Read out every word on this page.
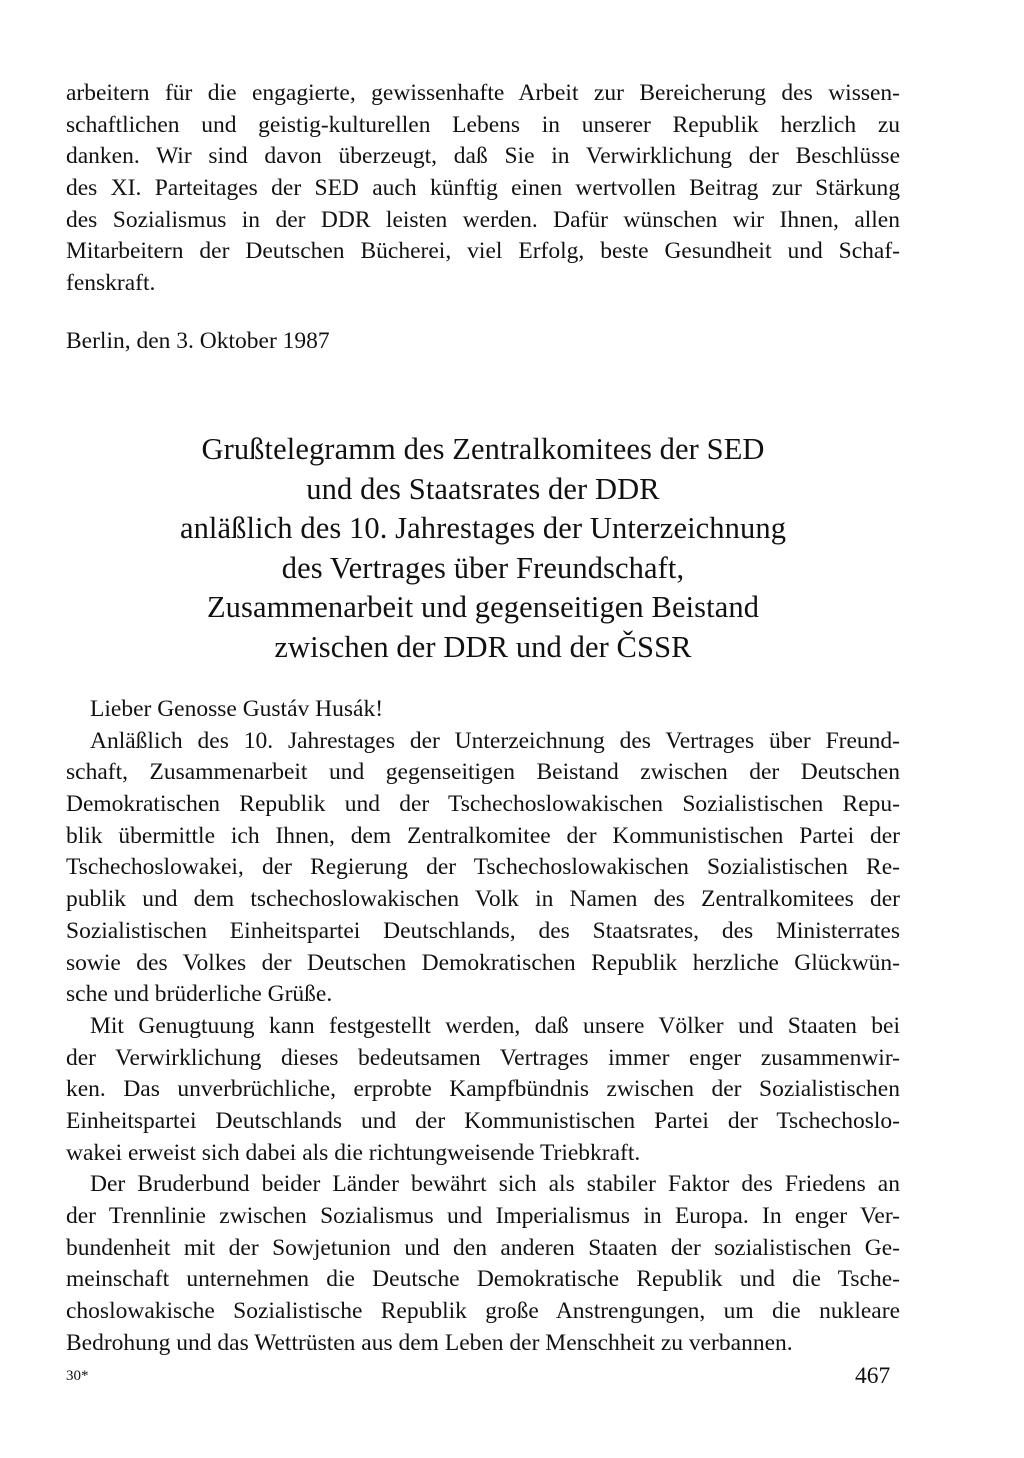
arbeitern für die engagierte, gewissenhafte Arbeit zur Bereicherung des wissen-
schaftlichen und geistig-kulturellen Lebens in unserer Republik herzlich zu
danken. Wir sind davon überzeugt, daß Sie in Verwirklichung der Beschlüsse
des XI. Parteitages der SED auch künftig einen wertvollen Beitrag zur Stärkung
des Sozialismus in der DDR leisten werden. Dafür wünschen wir Ihnen, allen
Mitarbeitern der Deutschen Bücherei, viel Erfolg, beste Gesundheit und Schaf-
fenskraft.
Berlin, den 3. Oktober 1987
Grußtelegramm des Zentralkomitees der SED
und des Staatsrates der DDR
anläßlich des 10. Jahrestages der Unterzeichnung
des Vertrages über Freundschaft,
Zusammenarbeit und gegenseitigen Beistand
zwischen der DDR und der ČSSR
Lieber Genosse Gustáv Husák!
Anläßlich des 10. Jahrestages der Unterzeichnung des Vertrages über Freund-
schaft, Zusammenarbeit und gegenseitigen Beistand zwischen der Deutschen
Demokratischen Republik und der Tschechoslowakischen Sozialistischen Repu-
blik übermittle ich Ihnen, dem Zentralkomitee der Kommunistischen Partei der
Tschechoslowakei, der Regierung der Tschechoslowakischen Sozialistischen Re-
publik und dem tschechoslowakischen Volk in Namen des Zentralkomitees der
Sozialistischen Einheitspartei Deutschlands, des Staatsrates, des Ministerrates
sowie des Volkes der Deutschen Demokratischen Republik herzliche Glückwün-
sche und brüderliche Grüße.
Mit Genugtuung kann festgestellt werden, daß unsere Völker und Staaten bei
der Verwirklichung dieses bedeutsamen Vertrages immer enger zusammenwir-
ken. Das unverbrüchliche, erprobte Kampfbündnis zwischen der Sozialistischen
Einheitspartei Deutschlands und der Kommunistischen Partei der Tschechoslo-
wakei erweist sich dabei als die richtungweisende Triebkraft.
Der Bruderbund beider Länder bewährt sich als stabiler Faktor des Friedens an
der Trennlinie zwischen Sozialismus und Imperialismus in Europa. In enger Ver-
bundenheit mit der Sowjetunion und den anderen Staaten der sozialistischen Ge-
meinschaft unternehmen die Deutsche Demokratische Republik und die Tsche-
choslowakische Sozialistische Republik große Anstrengungen, um die nukleare
Bedrohung und das Wettrüsten aus dem Leben der Menschheit zu verbannen.
30*	467
